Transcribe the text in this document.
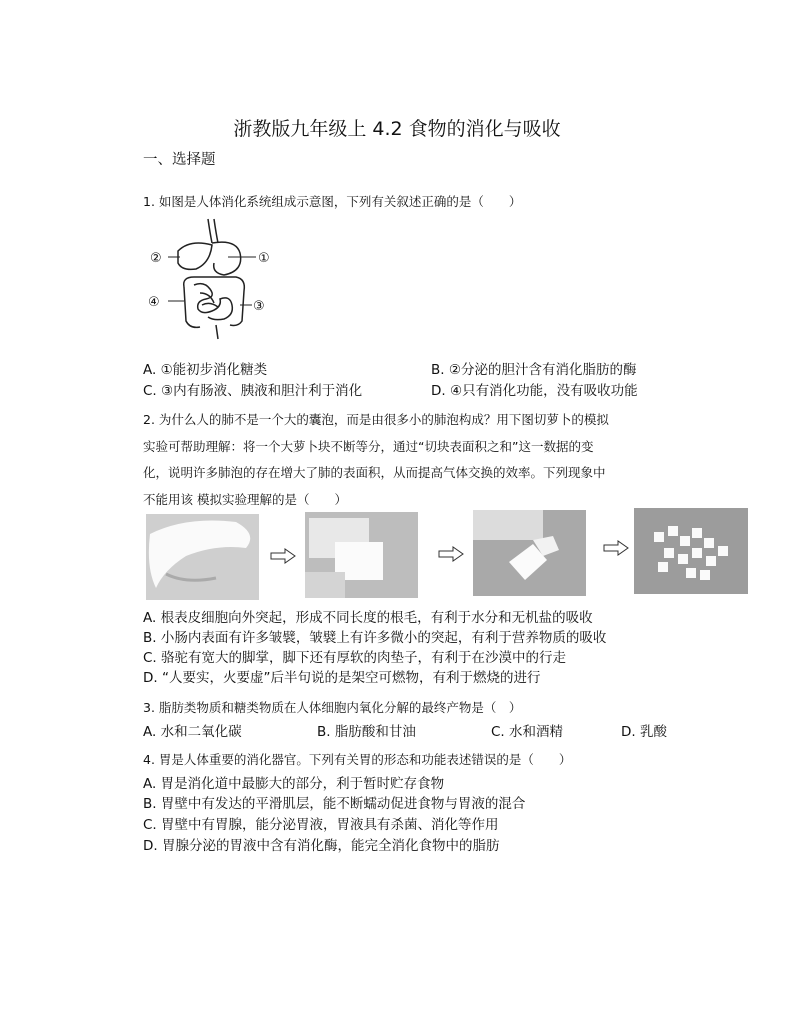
浙教版九年级上 4.2 食物的消化与吸收
一、选择题
1. 如图是人体消化系统组成示意图，下列有关叙述正确的是（　　）
②	①
④	③
A. ①能初步消化糖类	B. ②分泌的胆汁含有消化脂肪的酶
C. ③内有肠液、胰液和胆汁利于消化	D. ④只有消化功能，没有吸收功能
2. 为什么人的肺不是一个大的囊泡，而是由很多小的肺泡构成？用下图切萝卜的模拟
实验可帮助理解：将一个大萝卜块不断等分，通过“切块表面积之和”这一数据的变
化，说明许多肺泡的存在增大了肺的表面积，从而提高气体交换的效率。下列现象中
不能用该 模拟实验理解的是（　　）
A. 根表皮细胞向外突起，形成不同长度的根毛，有利于水分和无机盐的吸收
B. 小肠内表面有许多皱襞，皱襞上有许多微小的突起，有利于营养物质的吸收
C. 骆驼有宽大的脚掌，脚下还有厚软的肉垫子，有利于在沙漠中的行走
D. “人要实，火要虚”后半句说的是架空可燃物，有利于燃烧的进行
3. 脂肪类物质和糖类物质在人体细胞内氧化分解的最终产物是（　）
A. 水和二氧化碳	B. 脂肪酸和甘油	C. 水和酒精	D. 乳酸
4. 胃是人体重要的消化器官。下列有关胃的形态和功能表述错误的是（　　）
A. 胃是消化道中最膨大的部分，利于暂时贮存食物
B. 胃壁中有发达的平滑肌层，能不断蠕动促进食物与胃液的混合
C. 胃壁中有胃腺，能分泌胃液，胃液具有杀菌、消化等作用
D. 胃腺分泌的胃液中含有消化酶，能完全消化食物中的脂肪
